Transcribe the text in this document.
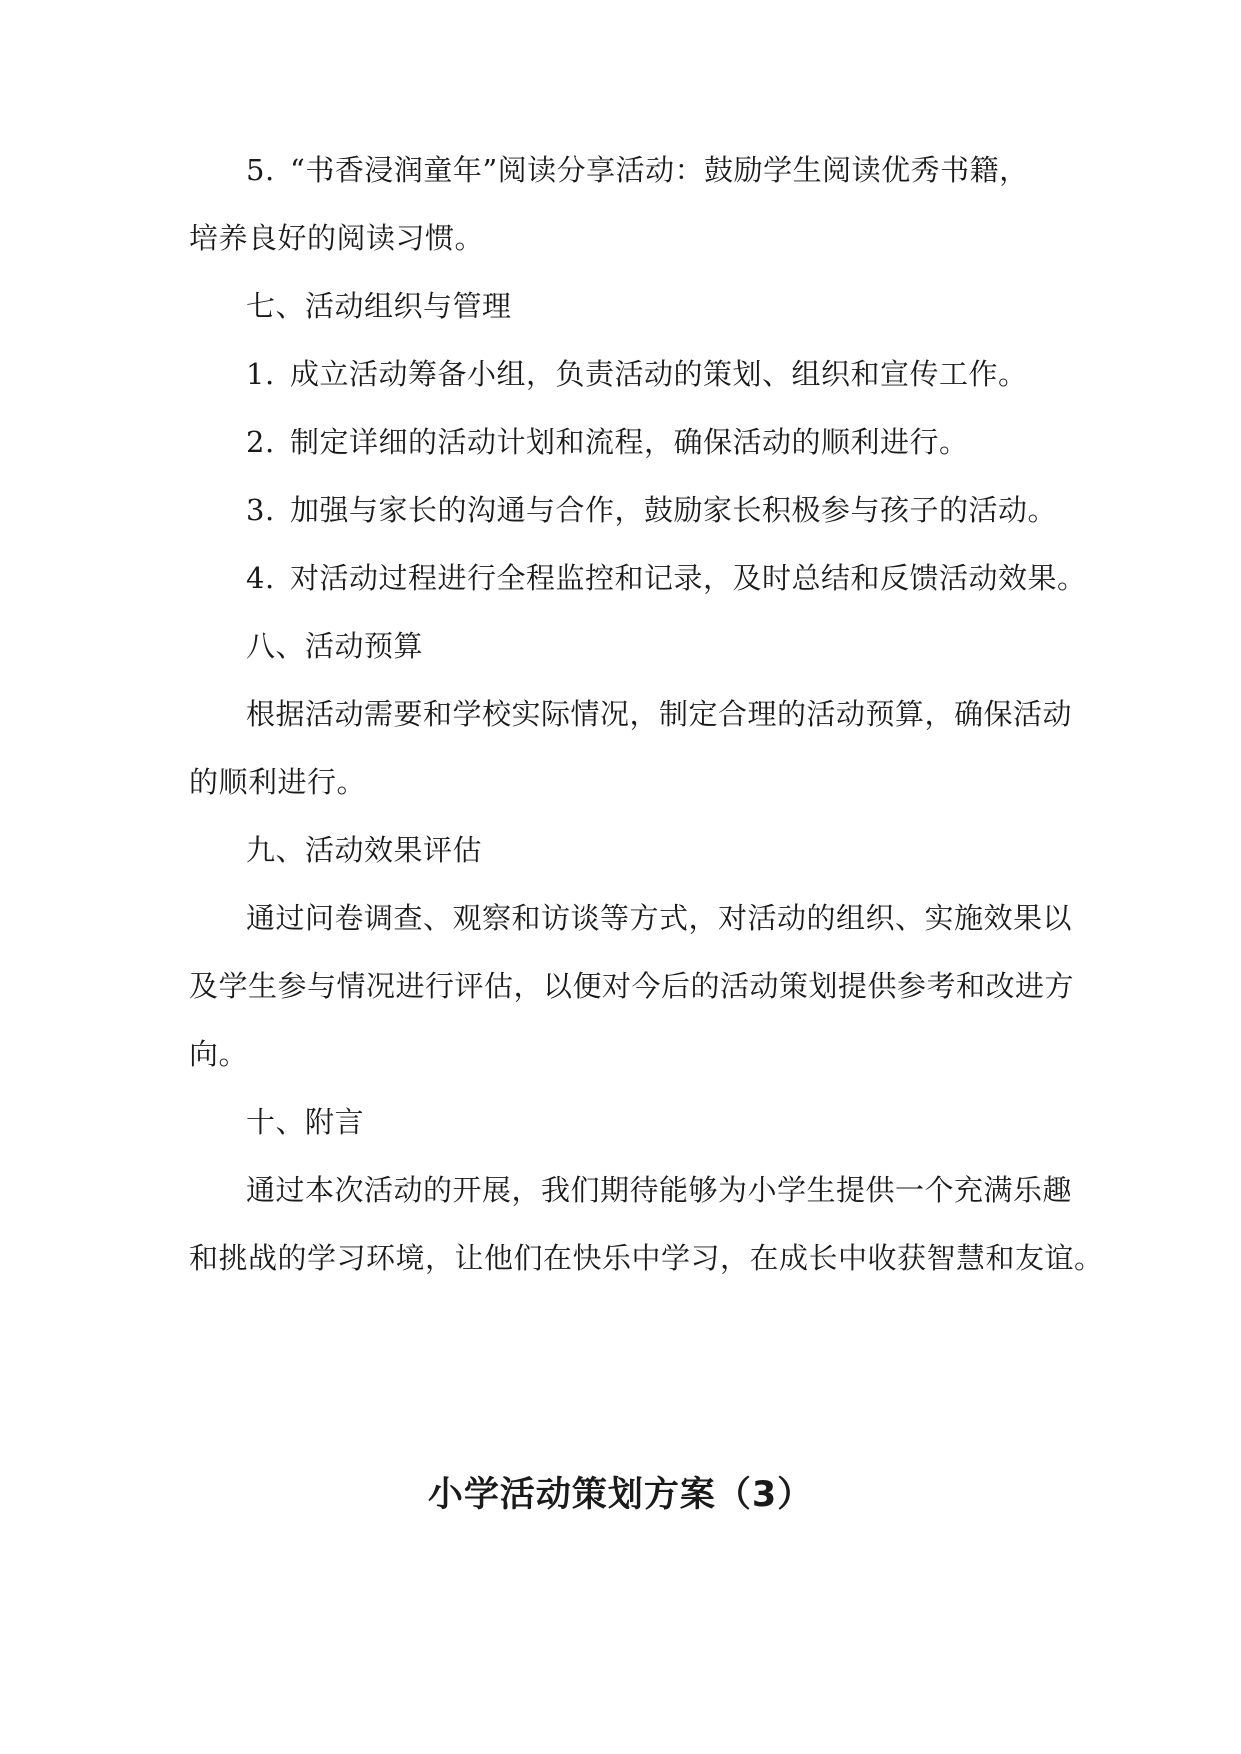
5. “书香浸润童年”阅读分享活动：鼓励学生阅读优秀书籍，
培养良好的阅读习惯。
七、活动组织与管理
1. 成立活动筹备小组，负责活动的策划、组织和宣传工作。
2. 制定详细的活动计划和流程，确保活动的顺利进行。
3. 加强与家长的沟通与合作，鼓励家长积极参与孩子的活动。
4. 对活动过程进行全程监控和记录，及时总结和反馈活动效果。
八、活动预算
根据活动需要和学校实际情况，制定合理的活动预算，确保活动
的顺利进行。
九、活动效果评估
通过问卷调查、观察和访谈等方式，对活动的组织、实施效果以
及学生参与情况进行评估，以便对今后的活动策划提供参考和改进方
向。
十、附言
通过本次活动的开展，我们期待能够为小学生提供一个充满乐趣
和挑战的学习环境，让他们在快乐中学习，在成长中收获智慧和友谊。
小学活动策划方案（3）
